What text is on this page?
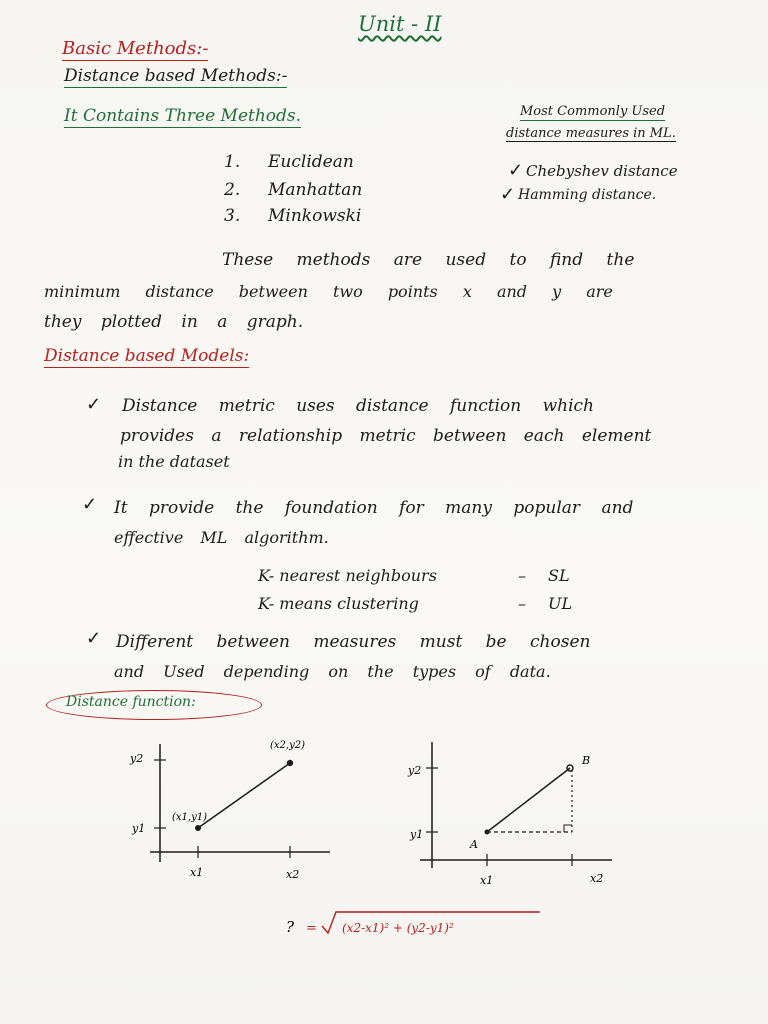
Unit - II
Basic Methods:-
Distance based Methods:-
It Contains Three Methods.
1. Euclidean
2. Manhattan
3. Minkowski
Most Commonly Used
distance measures in ML.
✓ Chebyshev distance
✓ Hamming distance.
These methods are used to find the
minimum distance between two points x and y are
they plotted in a graph.
Distance based Models:
✓ Distance metric uses distance function which
provides a relationship metric between each element
in the dataset
✓ It provide the foundation for many popular and
effective ML algorithm.
K- nearest neighbours	– SL
K- means clustering	– UL
✓ Different between measures must be chosen
and Used depending on the types of data.
Distance function:
y2
y1
x1	x2
(x1,y1)
(x2,y2)
y2
y1
x1	x2
A
B
? = (x2-x1)² + (y2-y1)²
